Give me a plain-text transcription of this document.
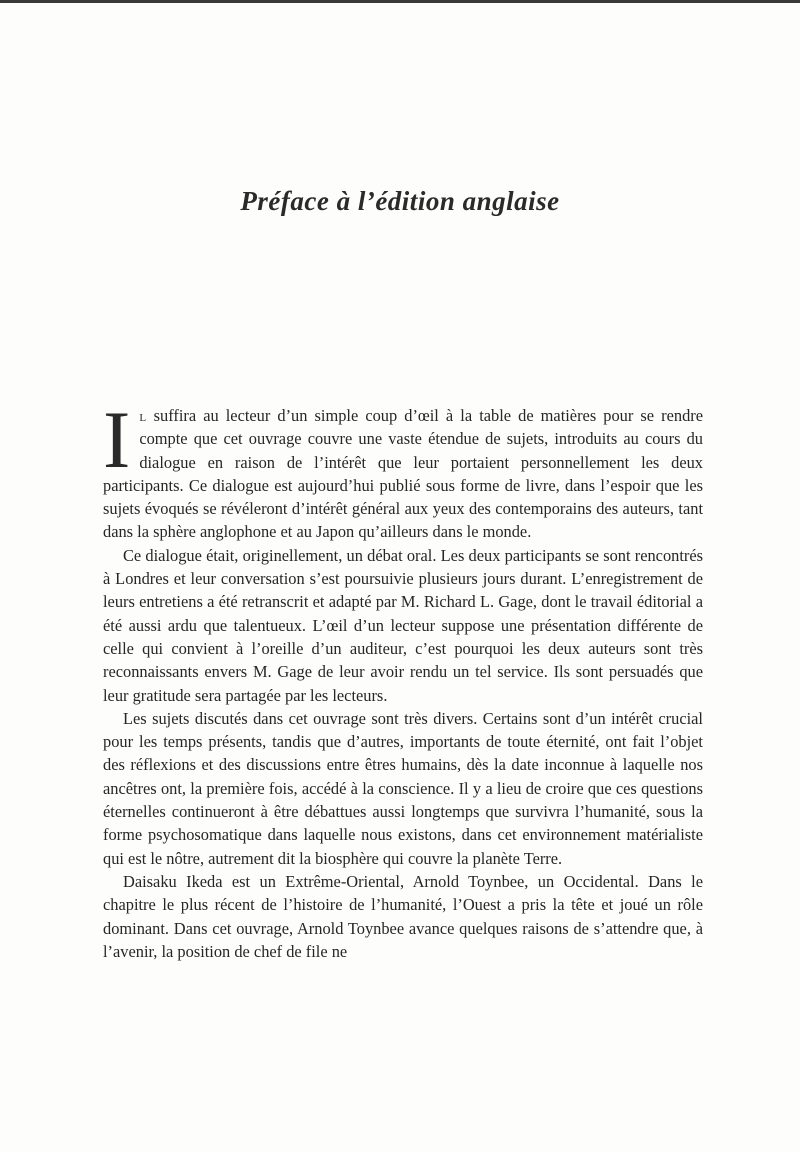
Préface à l’édition anglaise

Il suffira au lecteur d’un simple coup d’œil à la table de matières pour se rendre compte que cet ouvrage couvre une vaste étendue de sujets, introduits au cours du dialogue en raison de l’intérêt que leur portaient personnellement les deux participants. Ce dialogue est aujourd’hui publié sous forme de livre, dans l’espoir que les sujets évoqués se révéleront d’intérêt général aux yeux des contemporains des auteurs, tant dans la sphère anglophone et au Japon qu’ailleurs dans le monde.

Ce dialogue était, originellement, un débat oral. Les deux participants se sont rencontrés à Londres et leur conversation s’est poursuivie plusieurs jours durant. L’enregistrement de leurs entretiens a été retranscrit et adapté par M. Richard L. Gage, dont le travail éditorial a été aussi ardu que talentueux. L’œil d’un lecteur suppose une présentation différente de celle qui convient à l’oreille d’un auditeur, c’est pourquoi les deux auteurs sont très reconnaissants envers M. Gage de leur avoir rendu un tel service. Ils sont persuadés que leur gratitude sera partagée par les lecteurs.

Les sujets discutés dans cet ouvrage sont très divers. Certains sont d’un intérêt crucial pour les temps présents, tandis que d’autres, importants de toute éternité, ont fait l’objet des réflexions et des discussions entre êtres humains, dès la date inconnue à laquelle nos ancêtres ont, la première fois, accédé à la conscience. Il y a lieu de croire que ces questions éternelles continueront à être débattues aussi longtemps que survivra l’humanité, sous la forme psychosomatique dans laquelle nous existons, dans cet environnement matérialiste qui est le nôtre, autrement dit la biosphère qui couvre la planète Terre.

Daisaku Ikeda est un Extrême-Oriental, Arnold Toynbee, un Occidental. Dans le chapitre le plus récent de l’histoire de l’humanité, l’Ouest a pris la tête et joué un rôle dominant. Dans cet ouvrage, Arnold Toynbee avance quelques raisons de s’attendre que, à l’avenir, la position de chef de file ne
